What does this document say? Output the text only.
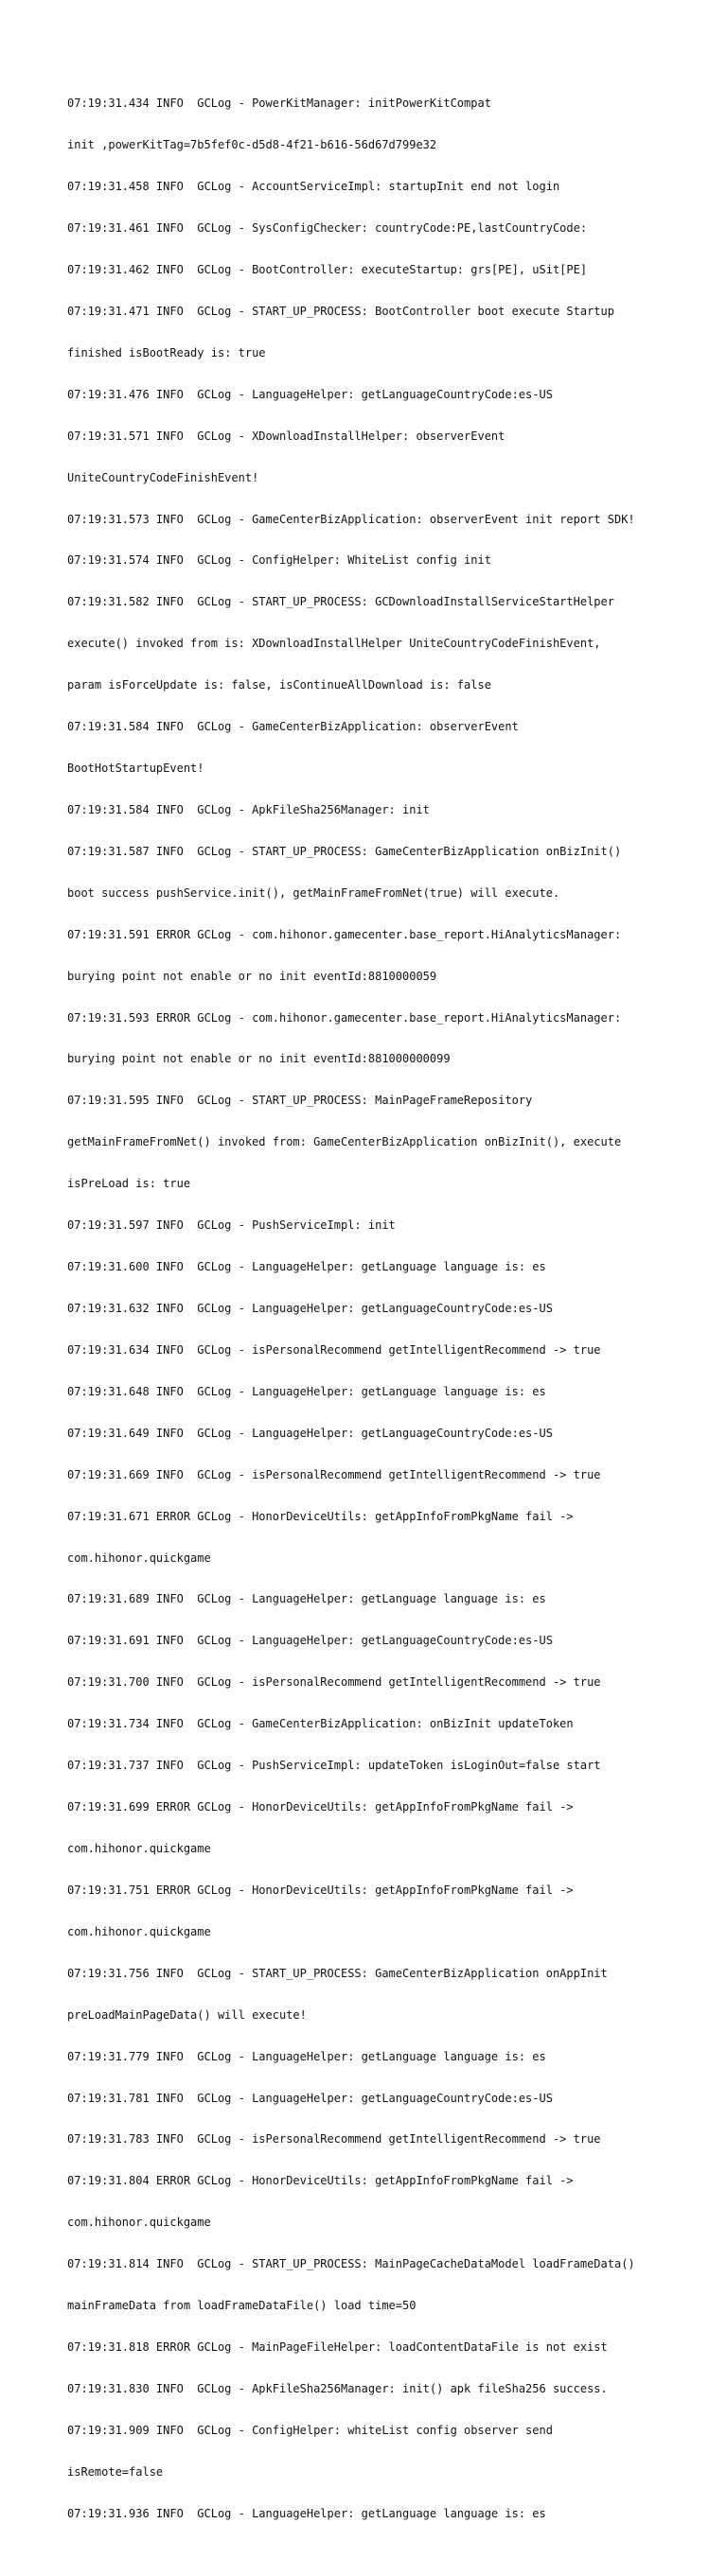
07:19:31.434 INFO  GCLog - PowerKitManager: initPowerKitCompat

init ,powerKitTag=7b5fef0c-d5d8-4f21-b616-56d67d799e32

07:19:31.458 INFO  GCLog - AccountServiceImpl: startupInit end not login

07:19:31.461 INFO  GCLog - SysConfigChecker: countryCode:PE,lastCountryCode:

07:19:31.462 INFO  GCLog - BootController: executeStartup: grs[PE], uSit[PE]

07:19:31.471 INFO  GCLog - START_UP_PROCESS: BootController boot execute Startup

finished isBootReady is: true

07:19:31.476 INFO  GCLog - LanguageHelper: getLanguageCountryCode:es-US

07:19:31.571 INFO  GCLog - XDownloadInstallHelper: observerEvent

UniteCountryCodeFinishEvent!

07:19:31.573 INFO  GCLog - GameCenterBizApplication: observerEvent init report SDK!

07:19:31.574 INFO  GCLog - ConfigHelper: WhiteList config init

07:19:31.582 INFO  GCLog - START_UP_PROCESS: GCDownloadInstallServiceStartHelper

execute() invoked from is: XDownloadInstallHelper UniteCountryCodeFinishEvent,

param isForceUpdate is: false, isContinueAllDownload is: false

07:19:31.584 INFO  GCLog - GameCenterBizApplication: observerEvent

BootHotStartupEvent!

07:19:31.584 INFO  GCLog - ApkFileSha256Manager: init

07:19:31.587 INFO  GCLog - START_UP_PROCESS: GameCenterBizApplication onBizInit()

boot success pushService.init(), getMainFrameFromNet(true) will execute.

07:19:31.591 ERROR GCLog - com.hihonor.gamecenter.base_report.HiAnalyticsManager:

burying point not enable or no init eventId:8810000059

07:19:31.593 ERROR GCLog - com.hihonor.gamecenter.base_report.HiAnalyticsManager:

burying point not enable or no init eventId:881000000099

07:19:31.595 INFO  GCLog - START_UP_PROCESS: MainPageFrameRepository

getMainFrameFromNet() invoked from: GameCenterBizApplication onBizInit(), execute

isPreLoad is: true

07:19:31.597 INFO  GCLog - PushServiceImpl: init

07:19:31.600 INFO  GCLog - LanguageHelper: getLanguage language is: es

07:19:31.632 INFO  GCLog - LanguageHelper: getLanguageCountryCode:es-US

07:19:31.634 INFO  GCLog - isPersonalRecommend getIntelligentRecommend -> true

07:19:31.648 INFO  GCLog - LanguageHelper: getLanguage language is: es

07:19:31.649 INFO  GCLog - LanguageHelper: getLanguageCountryCode:es-US

07:19:31.669 INFO  GCLog - isPersonalRecommend getIntelligentRecommend -> true

07:19:31.671 ERROR GCLog - HonorDeviceUtils: getAppInfoFromPkgName fail ->

com.hihonor.quickgame

07:19:31.689 INFO  GCLog - LanguageHelper: getLanguage language is: es

07:19:31.691 INFO  GCLog - LanguageHelper: getLanguageCountryCode:es-US

07:19:31.700 INFO  GCLog - isPersonalRecommend getIntelligentRecommend -> true

07:19:31.734 INFO  GCLog - GameCenterBizApplication: onBizInit updateToken

07:19:31.737 INFO  GCLog - PushServiceImpl: updateToken isLoginOut=false start

07:19:31.699 ERROR GCLog - HonorDeviceUtils: getAppInfoFromPkgName fail ->

com.hihonor.quickgame

07:19:31.751 ERROR GCLog - HonorDeviceUtils: getAppInfoFromPkgName fail ->

com.hihonor.quickgame

07:19:31.756 INFO  GCLog - START_UP_PROCESS: GameCenterBizApplication onAppInit

preLoadMainPageData() will execute!

07:19:31.779 INFO  GCLog - LanguageHelper: getLanguage language is: es

07:19:31.781 INFO  GCLog - LanguageHelper: getLanguageCountryCode:es-US

07:19:31.783 INFO  GCLog - isPersonalRecommend getIntelligentRecommend -> true

07:19:31.804 ERROR GCLog - HonorDeviceUtils: getAppInfoFromPkgName fail ->

com.hihonor.quickgame

07:19:31.814 INFO  GCLog - START_UP_PROCESS: MainPageCacheDataModel loadFrameData()

mainFrameData from loadFrameDataFile() load time=50

07:19:31.818 ERROR GCLog - MainPageFileHelper: loadContentDataFile is not exist

07:19:31.830 INFO  GCLog - ApkFileSha256Manager: init() apk fileSha256 success.

07:19:31.909 INFO  GCLog - ConfigHelper: whiteList config observer send

isRemote=false

07:19:31.936 INFO  GCLog - LanguageHelper: getLanguage language is: es
